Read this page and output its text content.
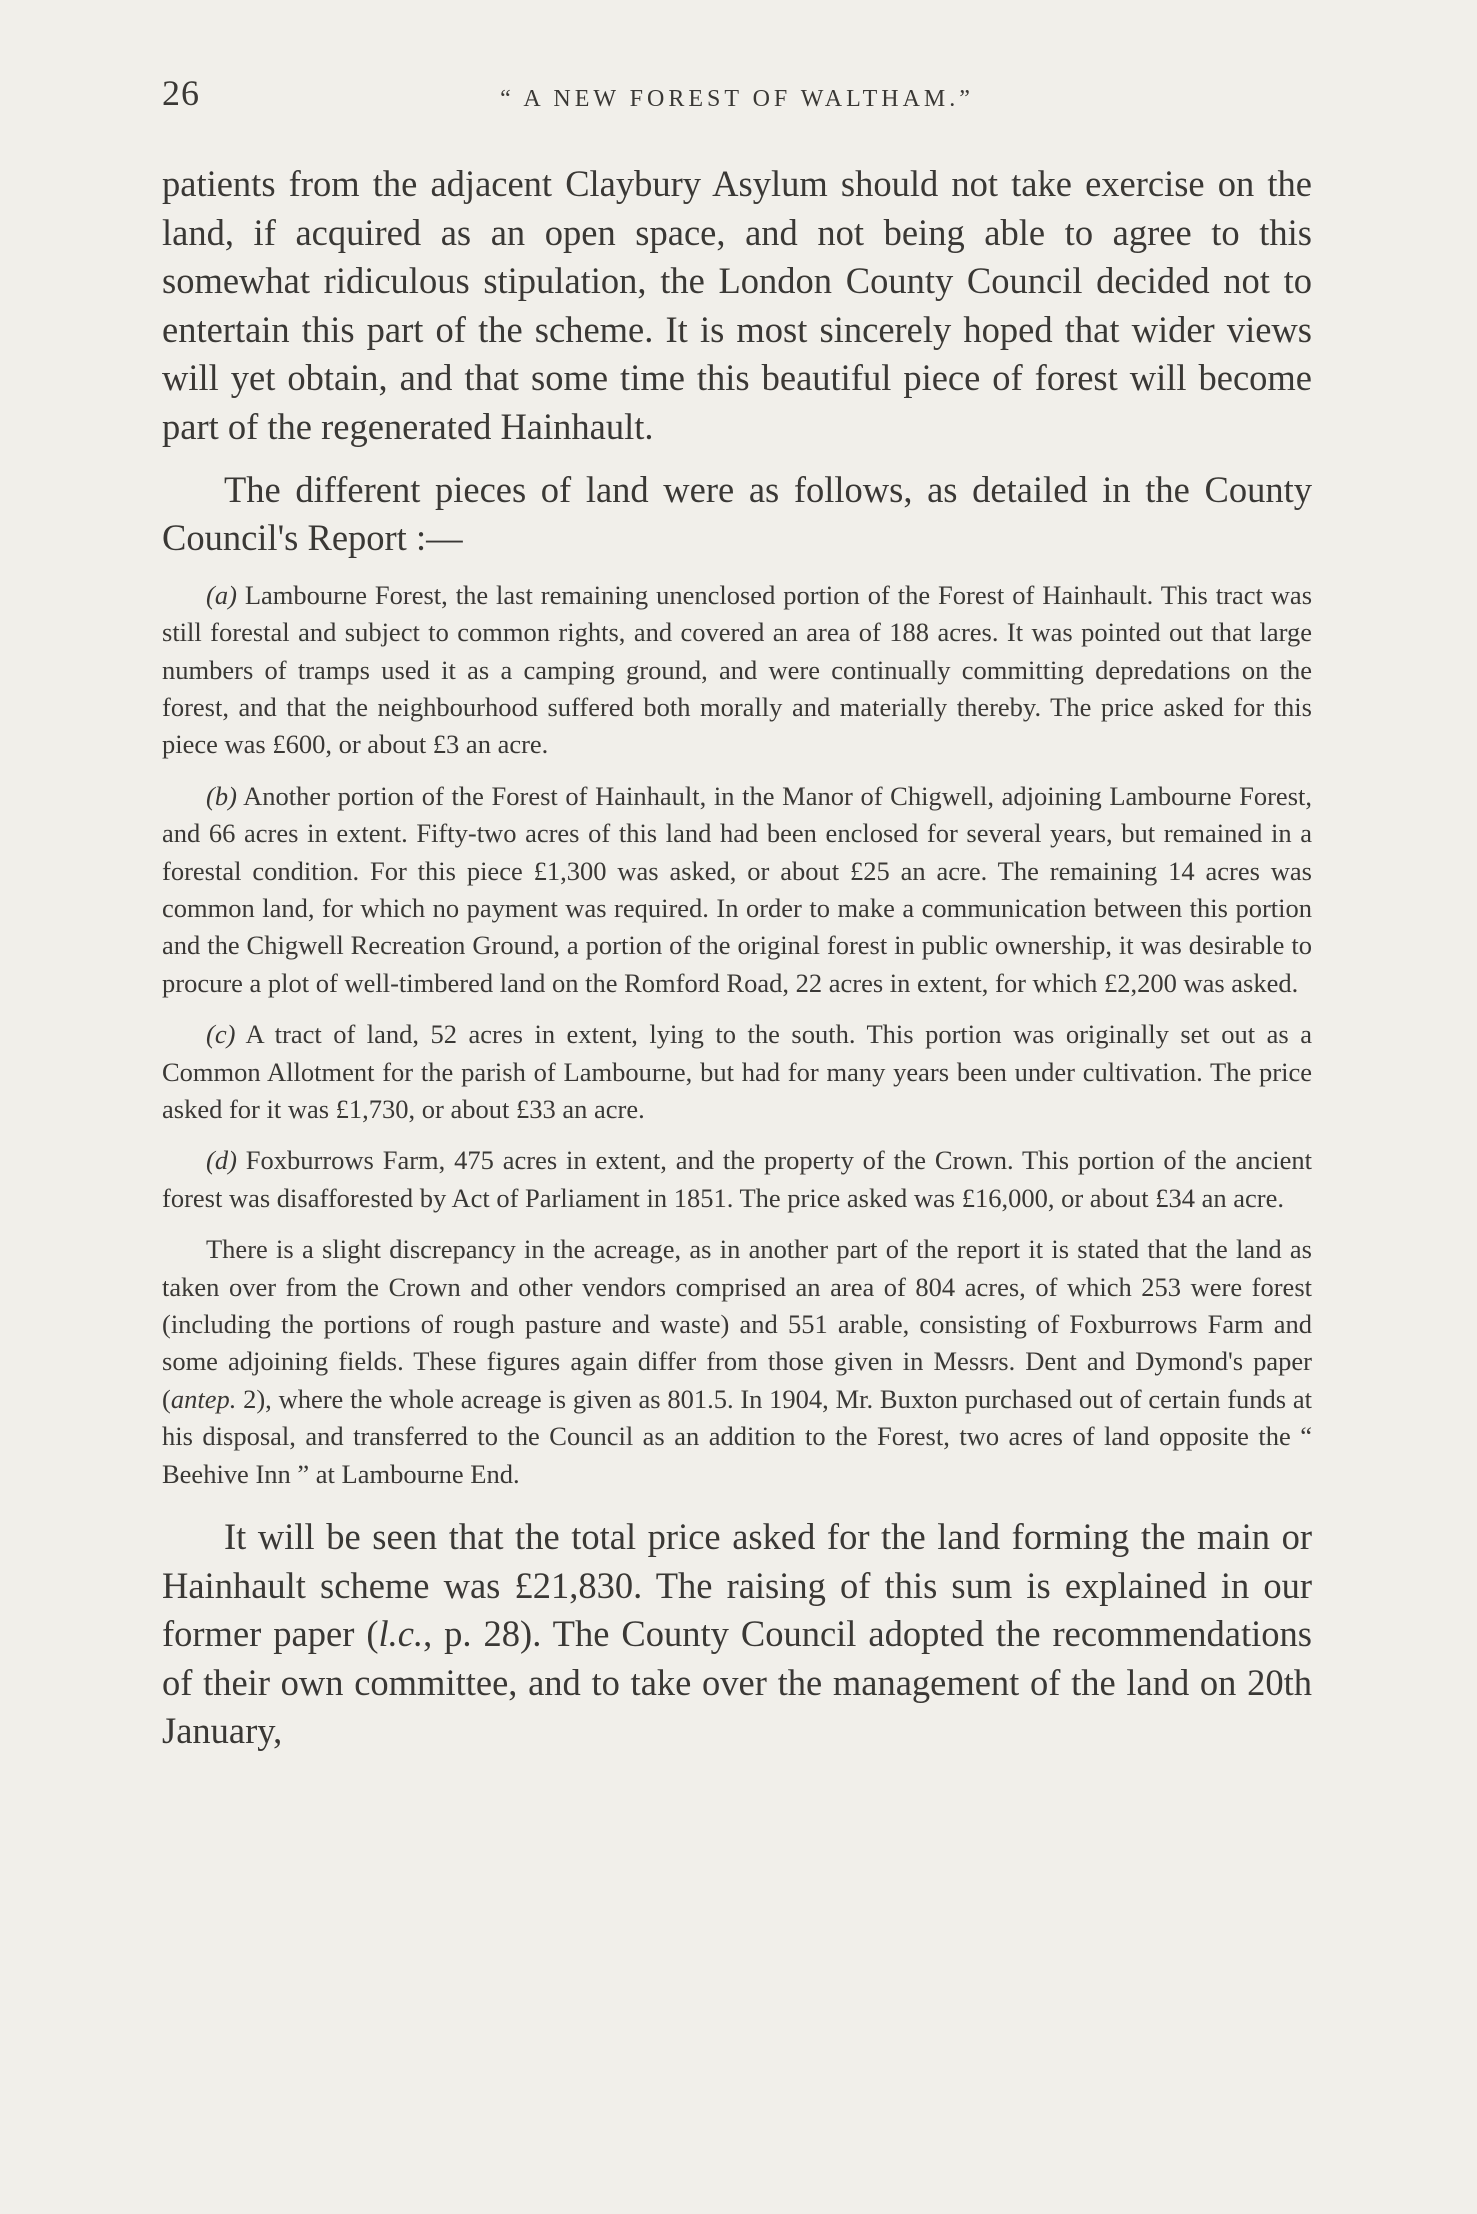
26	“ A NEW FOREST OF WALTHAM.”

patients from the adjacent Claybury Asylum should not take exercise on the land, if acquired as an open space, and not being able to agree to this somewhat ridiculous stipulation, the London County Council decided not to entertain this part of the scheme. It is most sincerely hoped that wider views will yet obtain, and that some time this beautiful piece of forest will become part of the regenerated Hainhault.

The different pieces of land were as follows, as detailed in the County Council's Report :—

(a) Lambourne Forest, the last remaining unenclosed portion of the Forest of Hainhault. This tract was still forestal and subject to common rights, and covered an area of 188 acres. It was pointed out that large numbers of tramps used it as a camping ground, and were continually committing depredations on the forest, and that the neighbourhood suffered both morally and materially thereby. The price asked for this piece was £600, or about £3 an acre.

(b) Another portion of the Forest of Hainhault, in the Manor of Chigwell, adjoining Lambourne Forest, and 66 acres in extent. Fifty-two acres of this land had been enclosed for several years, but remained in a forestal condition. For this piece £1,300 was asked, or about £25 an acre. The remaining 14 acres was common land, for which no payment was required. In order to make a communication between this portion and the Chigwell Recreation Ground, a portion of the original forest in public ownership, it was desirable to procure a plot of well-timbered land on the Romford Road, 22 acres in extent, for which £2,200 was asked.

(c) A tract of land, 52 acres in extent, lying to the south. This portion was originally set out as a Common Allotment for the parish of Lambourne, but had for many years been under cultivation. The price asked for it was £1,730, or about £33 an acre.

(d) Foxburrows Farm, 475 acres in extent, and the property of the Crown. This portion of the ancient forest was disafforested by Act of Parliament in 1851. The price asked was £16,000, or about £34 an acre.

There is a slight discrepancy in the acreage, as in another part of the report it is stated that the land as taken over from the Crown and other vendors comprised an area of 804 acres, of which 253 were forest (including the portions of rough pasture and waste) and 551 arable, consisting of Foxburrows Farm and some adjoining fields. These figures again differ from those given in Messrs. Dent and Dymond's paper (antep. 2), where the whole acreage is given as 801.5. In 1904, Mr. Buxton purchased out of certain funds at his disposal, and transferred to the Council as an addition to the Forest, two acres of land opposite the “ Beehive Inn ” at Lambourne End.

It will be seen that the total price asked for the land forming the main or Hainhault scheme was £21,830. The raising of this sum is explained in our former paper (l.c., p. 28). The County Council adopted the recommendations of their own committee, and to take over the management of the land on 20th January,
